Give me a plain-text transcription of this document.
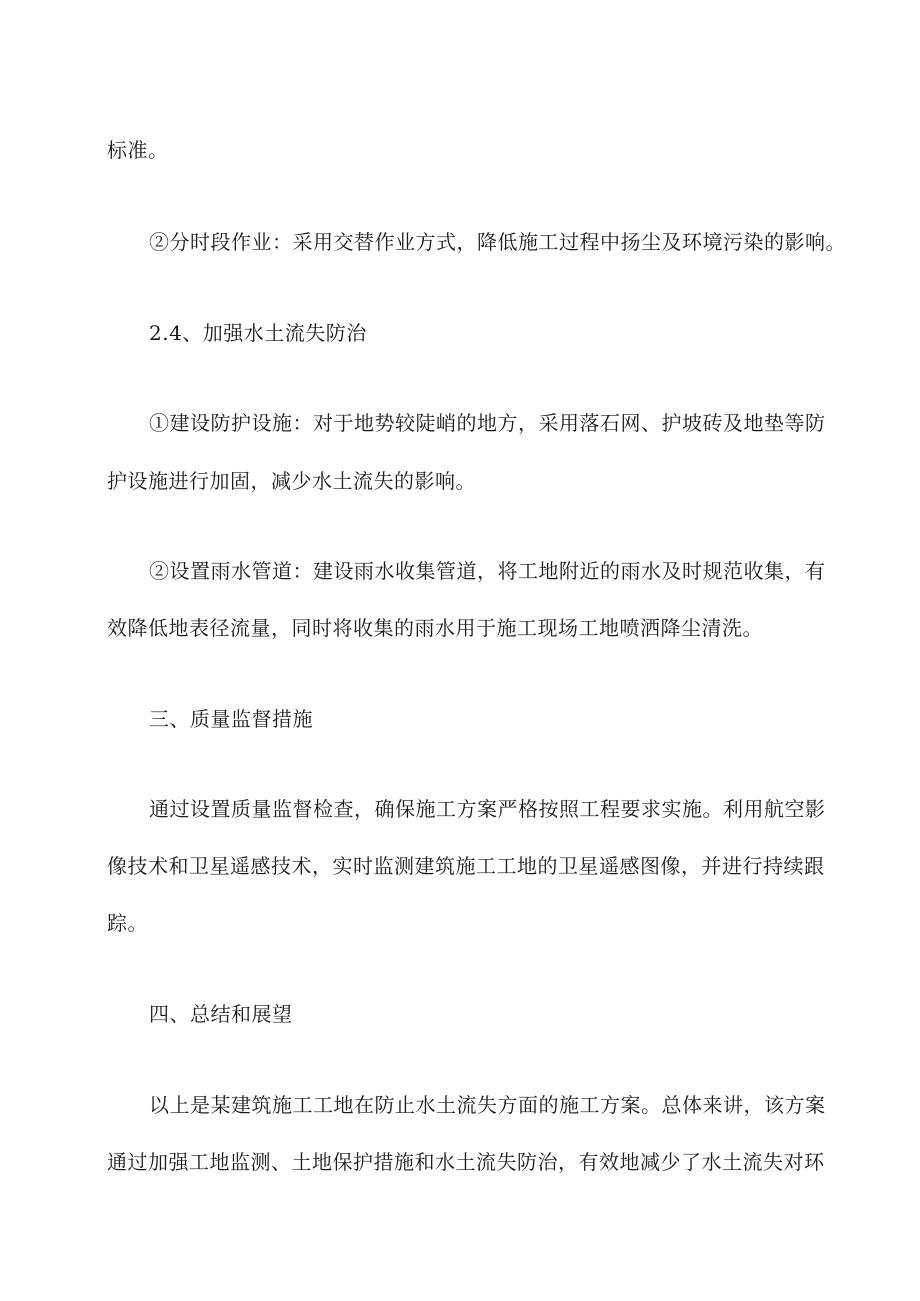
标准。
②分时段作业：采用交替作业方式，降低施工过程中扬尘及环境污染的影响。
2.4、加强水土流失防治
①建设防护设施：对于地势较陡峭的地方，采用落石网、护坡砖及地垫等防
护设施进行加固，减少水土流失的影响。
②设置雨水管道：建设雨水收集管道，将工地附近的雨水及时规范收集，有
效降低地表径流量，同时将收集的雨水用于施工现场工地喷洒降尘清洗。
三、质量监督措施
通过设置质量监督检查，确保施工方案严格按照工程要求实施。利用航空影
像技术和卫星遥感技术，实时监测建筑施工工地的卫星遥感图像，并进行持续跟
踪。
四、总结和展望
以上是某建筑施工工地在防止水土流失方面的施工方案。总体来讲，该方案
通过加强工地监测、土地保护措施和水土流失防治，有效地减少了水土流失对环
